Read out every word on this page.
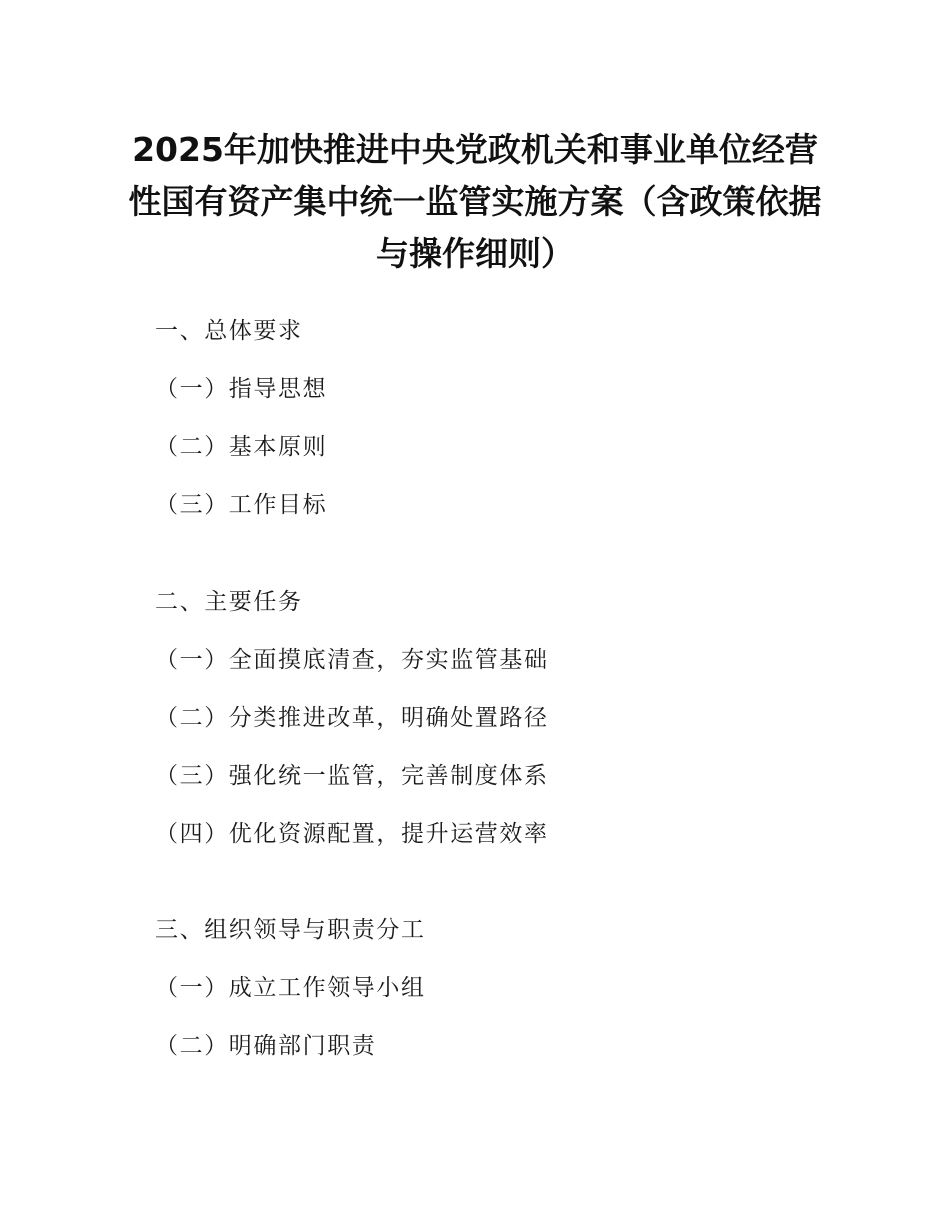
2025年加快推进中央党政机关和事业单位经营
性国有资产集中统一监管实施方案（含政策依据
与操作细则）
一、总体要求
（一）指导思想
（二）基本原则
（三）工作目标
二、主要任务
（一）全面摸底清查，夯实监管基础
（二）分类推进改革，明确处置路径
（三）强化统一监管，完善制度体系
（四）优化资源配置，提升运营效率
三、组织领导与职责分工
（一）成立工作领导小组
（二）明确部门职责
